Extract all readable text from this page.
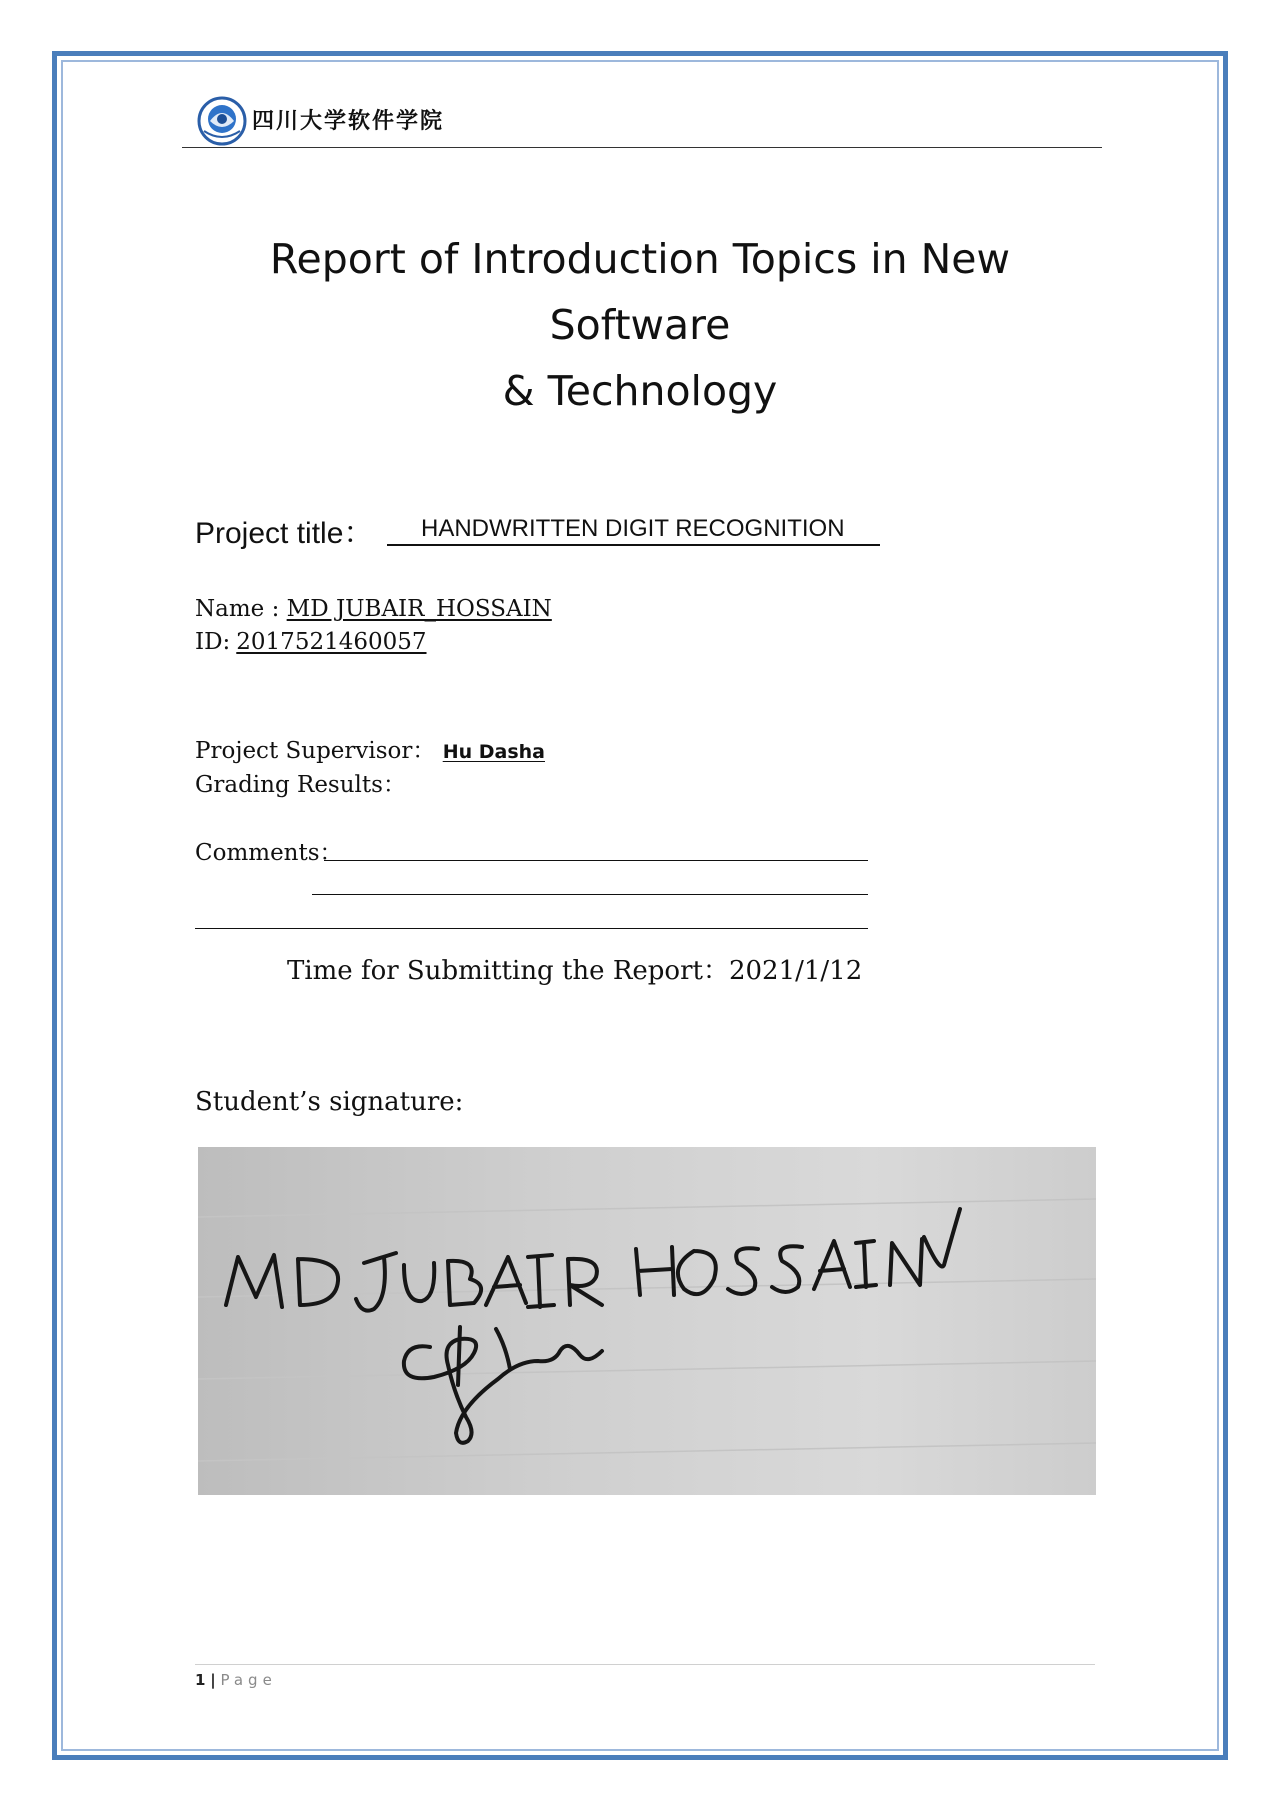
四川大学软件学院
Report of Introduction Topics in New Software
& Technology
Project title：	HANDWRITTEN DIGIT RECOGNITION
Name : MD JUBAIR_HOSSAIN
ID: 2017521460057
Project Supervisor： Hu Dasha
Grading Results：
Comments：
Time for Submitting the Report：2021/1/12
Student’s signature:
1 | Page
